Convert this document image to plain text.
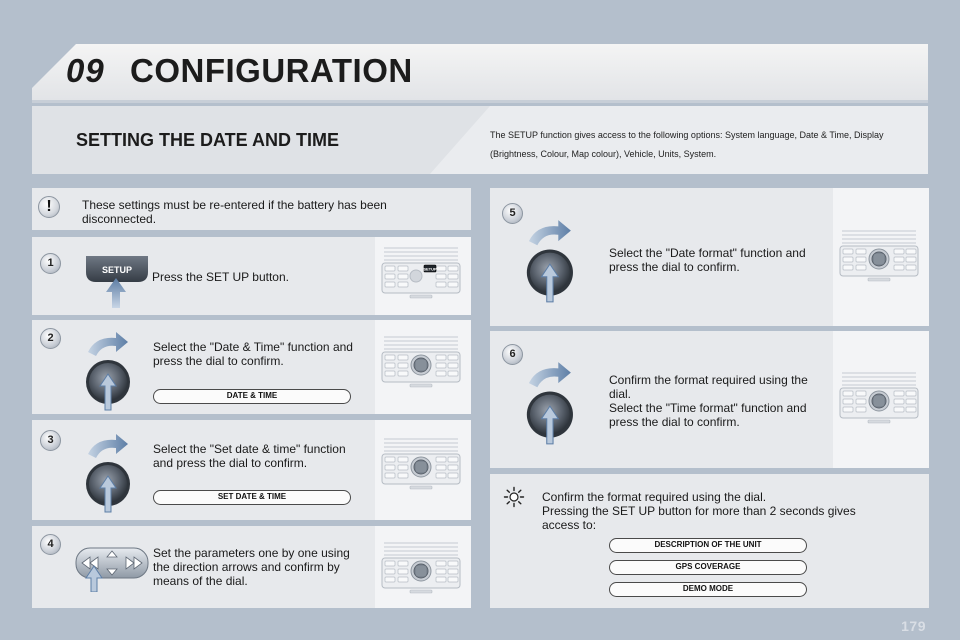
09 CONFIGURATION
SETTING THE DATE AND TIME	The SETUP function gives access to the following options: System language, Date & Time, Display (Brightness, Colour, Map colour), Vehicle, Units, System.
!	These settings must be re-entered if the battery has been disconnected.
1
SETUP Press the SET UP button.
2
Select the "Date & Time" function and press the dial to confirm.
DATE & TIME
3
Select the "Set date & time" function and press the dial to confirm.
SET DATE & TIME
4
Set the parameters one by one using the direction arrows and confirm by means of the dial.
5
Select the "Date format" function and press the dial to confirm.
6
Confirm the format required using the dial.
Select the "Time format" function and press the dial to confirm.
Confirm the format required using the dial.
Pressing the SET UP button for more than 2 seconds gives access to:
DESCRIPTION OF THE UNIT
GPS COVERAGE
DEMO MODE
SETUP
179
